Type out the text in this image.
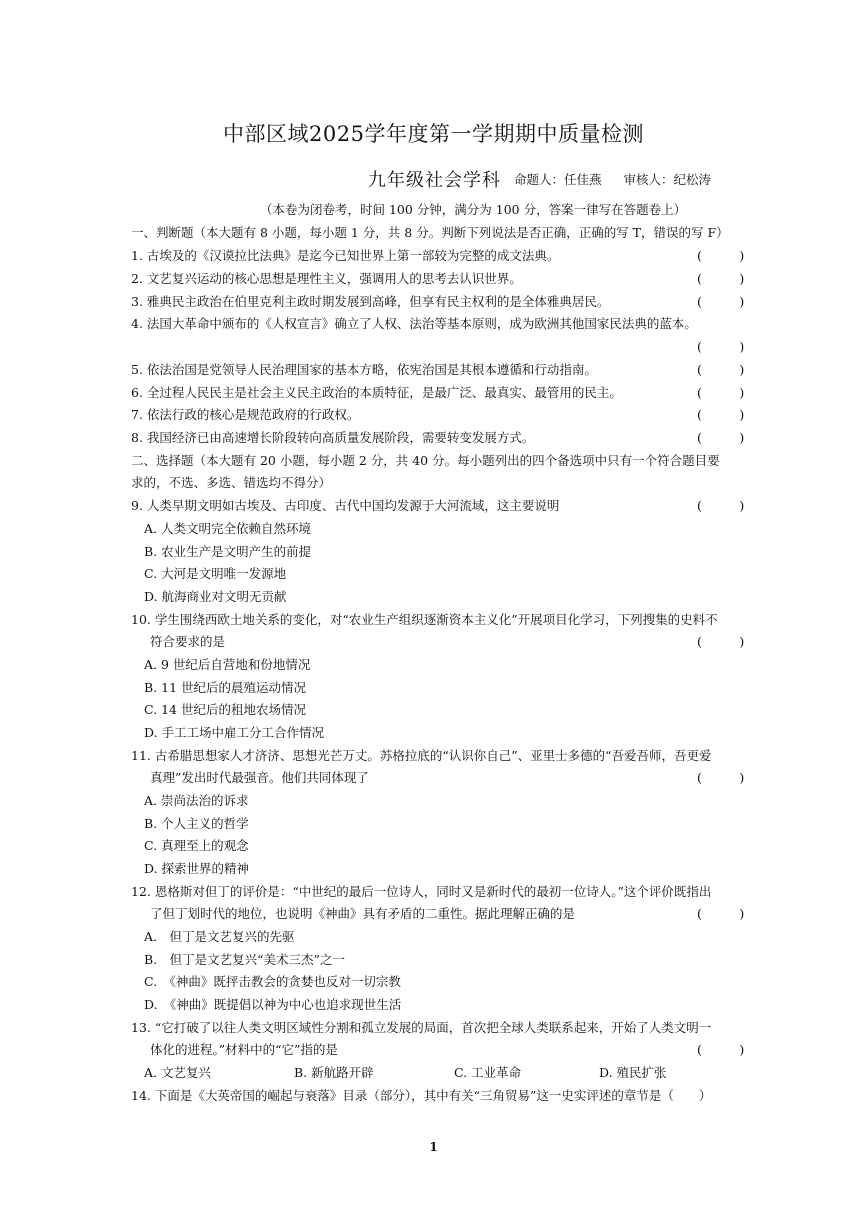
中部区域2025学年度第一学期期中质量检测
九年级社会学科 命题人：任佳燕 审核人：纪松涛
（本卷为闭卷考，时间 100 分钟，满分为 100 分，答案一律写在答题卷上）
一、判断题（本大题有 8 小题，每小题 1 分，共 8 分。判断下列说法是否正确，正确的写 T，错误的写 F）
1. 古埃及的《汉谟拉比法典》是迄今已知世界上第一部较为完整的成文法典。	(　　　)
2. 文艺复兴运动的核心思想是理性主义，强调用人的思考去认识世界。	(　　　)
3. 雅典民主政治在伯里克利主政时期发展到高峰，但享有民主权利的是全体雅典居民。	(　　　)
4. 法国大革命中颁布的《人权宣言》确立了人权、法治等基本原则，成为欧洲其他国家民法典的蓝本。
(　　　)
5. 依法治国是党领导人民治理国家的基本方略，依宪治国是其根本遵循和行动指南。	(　　　)
6. 全过程人民民主是社会主义民主政治的本质特征，是最广泛、最真实、最管用的民主。	(　　　)
7. 依法行政的核心是规范政府的行政权。	(　　　)
8. 我国经济已由高速增长阶段转向高质量发展阶段，需要转变发展方式。	(　　　)
二、选择题（本大题有 20 小题，每小题 2 分，共 40 分。每小题列出的四个备选项中只有一个符合题目要
求的，不选、多选、错选均不得分）
9. 人类早期文明如古埃及、古印度、古代中国均发源于大河流域，这主要说明	(　　　)
A. 人类文明完全依赖自然环境
B. 农业生产是文明产生的前提
C. 大河是文明唯一发源地
D. 航海商业对文明无贡献
10. 学生围绕西欧土地关系的变化，对“农业生产组织逐渐资本主义化”开展项目化学习，下列搜集的史料不
符合要求的是	(　　　)
A. 9 世纪后自营地和份地情况
B. 11 世纪后的晨殖运动情况
C. 14 世纪后的租地农场情况
D. 手工工场中雇工分工合作情况
11. 古希腊思想家人才济济、思想光芒万丈。苏格拉底的“认识你自己”、亚里士多德的“吾爱吾师，吾更爱
真理”发出时代最强音。他们共同体现了	(　　　)
A. 崇尚法治的诉求
B. 个人主义的哲学
C. 真理至上的观念
D. 探索世界的精神
12. 恩格斯对但丁的评价是：“中世纪的最后一位诗人，同时又是新时代的最初一位诗人。”这个评价既指出
了但丁划时代的地位，也说明《神曲》具有矛盾的二重性。据此理解正确的是	(　　　)
A.　但丁是文艺复兴的先驱
B.　但丁是文艺复兴“美术三杰”之一
C.　《神曲》既抨击教会的贪婪也反对一切宗教
D.　《神曲》既提倡以神为中心也追求现世生活
13. “它打破了以往人类文明区域性分割和孤立发展的局面，首次把全球人类联系起来，开始了人类文明一
体化的进程。”材料中的“它”指的是	(　　　)
A. 文艺复兴	B. 新航路开辟	C. 工业革命	D. 殖民扩张
14. 下面是《大英帝国的崛起与衰落》目录（部分），其中有关“三角贸易”这一史实评述的章节是（　　）
1
